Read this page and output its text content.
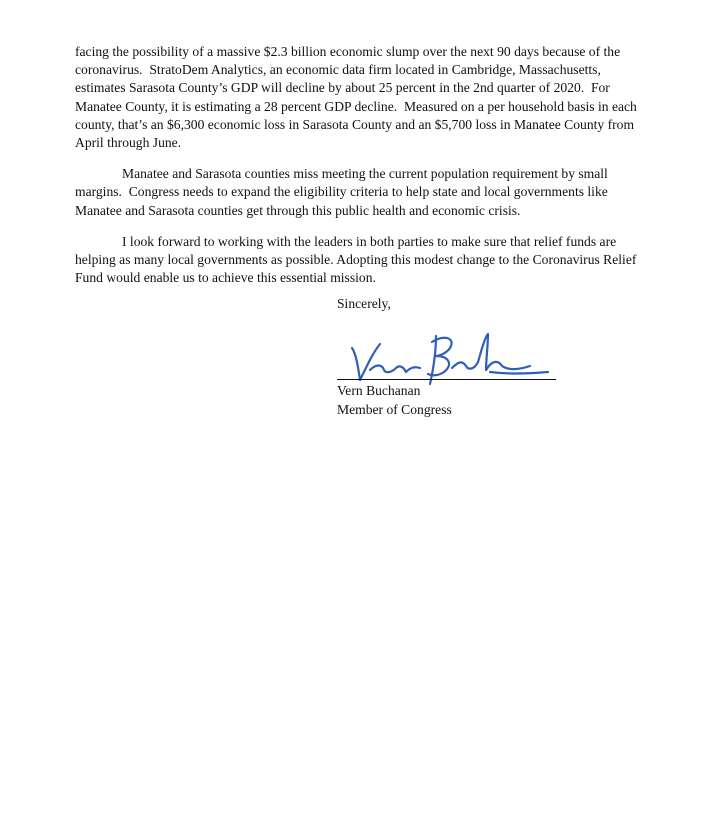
facing the possibility of a massive $2.3 billion economic slump over the next 90 days because of the coronavirus.  StratoDem Analytics, an economic data firm located in Cambridge, Massachusetts, estimates Sarasota County’s GDP will decline by about 25 percent in the 2nd quarter of 2020.  For Manatee County, it is estimating a 28 percent GDP decline.  Measured on a per household basis in each county, that’s an $6,300 economic loss in Sarasota County and an $5,700 loss in Manatee County from April through June.

Manatee and Sarasota counties miss meeting the current population requirement by small margins.  Congress needs to expand the eligibility criteria to help state and local governments like Manatee and Sarasota counties get through this public health and economic crisis.

I look forward to working with the leaders in both parties to make sure that relief funds are helping as many local governments as possible. Adopting this modest change to the Coronavirus Relief Fund would enable us to achieve this essential mission.

Sincerely,

Vern Buchanan

Member of Congress
